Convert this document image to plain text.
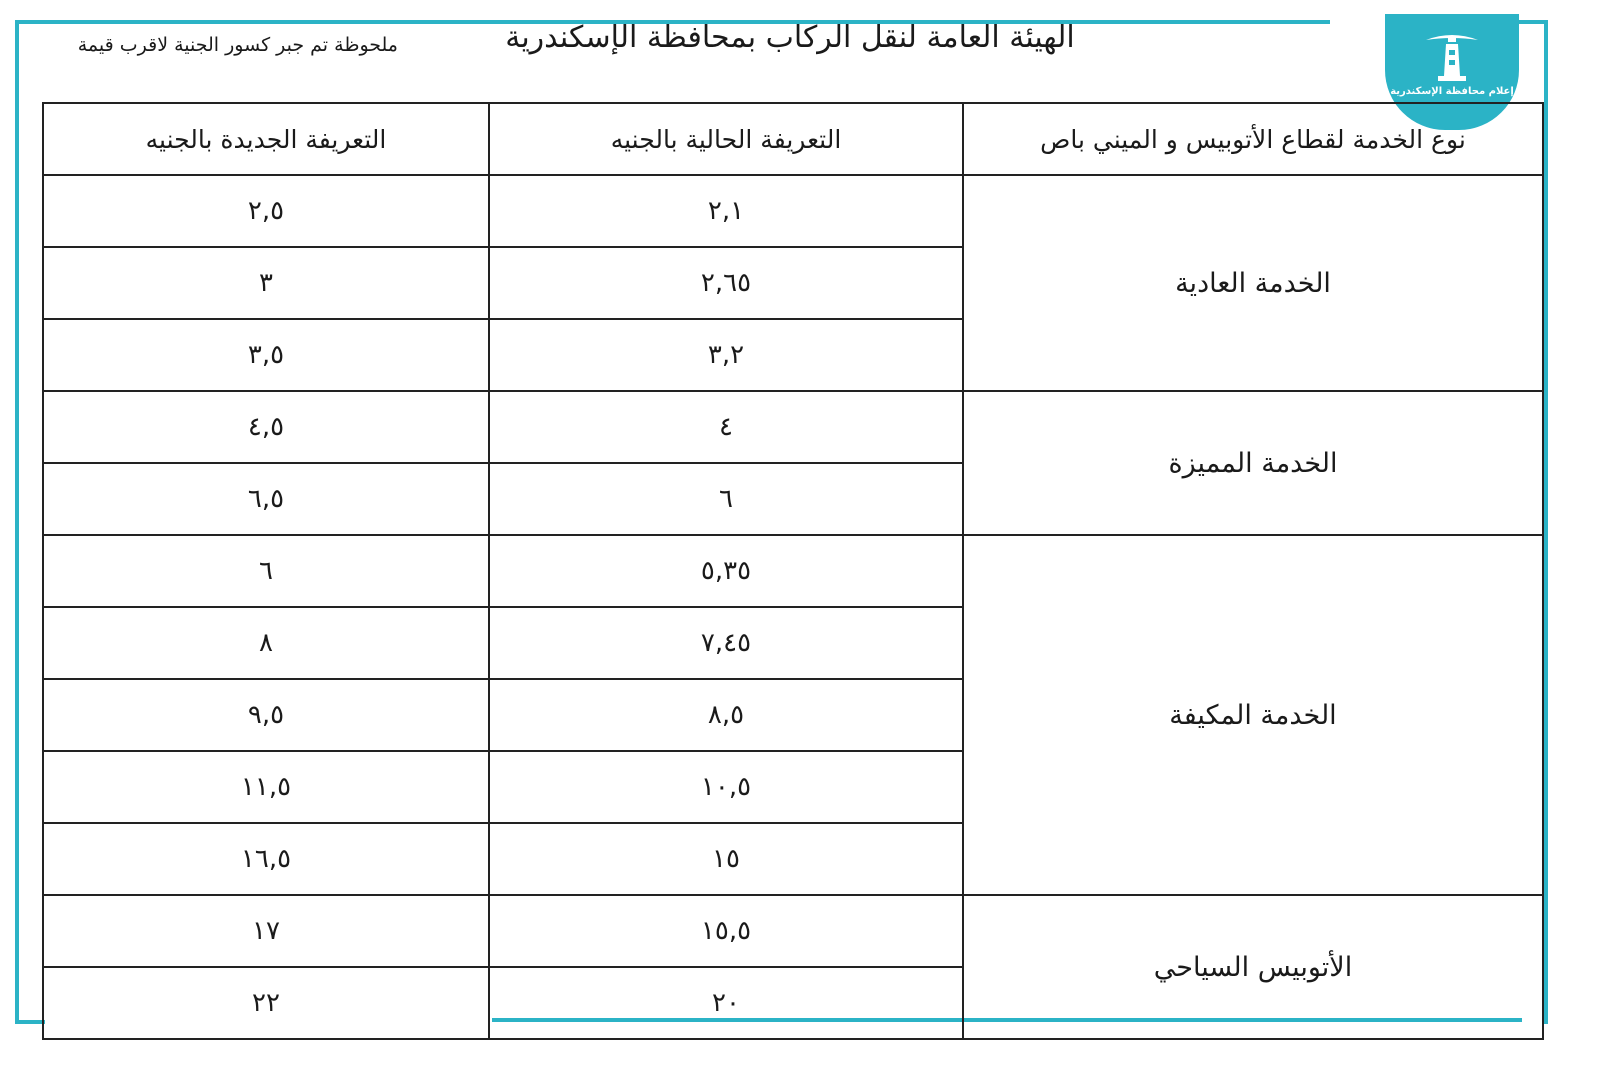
ملحوظة تم جبر كسور الجنية لاقرب قيمة	الهيئة العامة لنقل الركاب بمحافظة الإسكندرية
إعلام محافظة الإسكندرية
نوع الخدمة لقطاع الأتوبيس و الميني باص	التعريفة الحالية بالجنيه	التعريفة الجديدة بالجنيه
الخدمة العادية	٢,١	٢,٥
	٢,٦٥	٣
	٣,٢	٣,٥
الخدمة المميزة	٤	٤,٥
	٦	٦,٥
الخدمة المكيفة	٥,٣٥	٦
	٧,٤٥	٨
	٨,٥	٩,٥
	١٠,٥	١١,٥
	١٥	١٦,٥
الأتوبيس السياحي	١٥,٥	١٧
	٢٠	٢٢
